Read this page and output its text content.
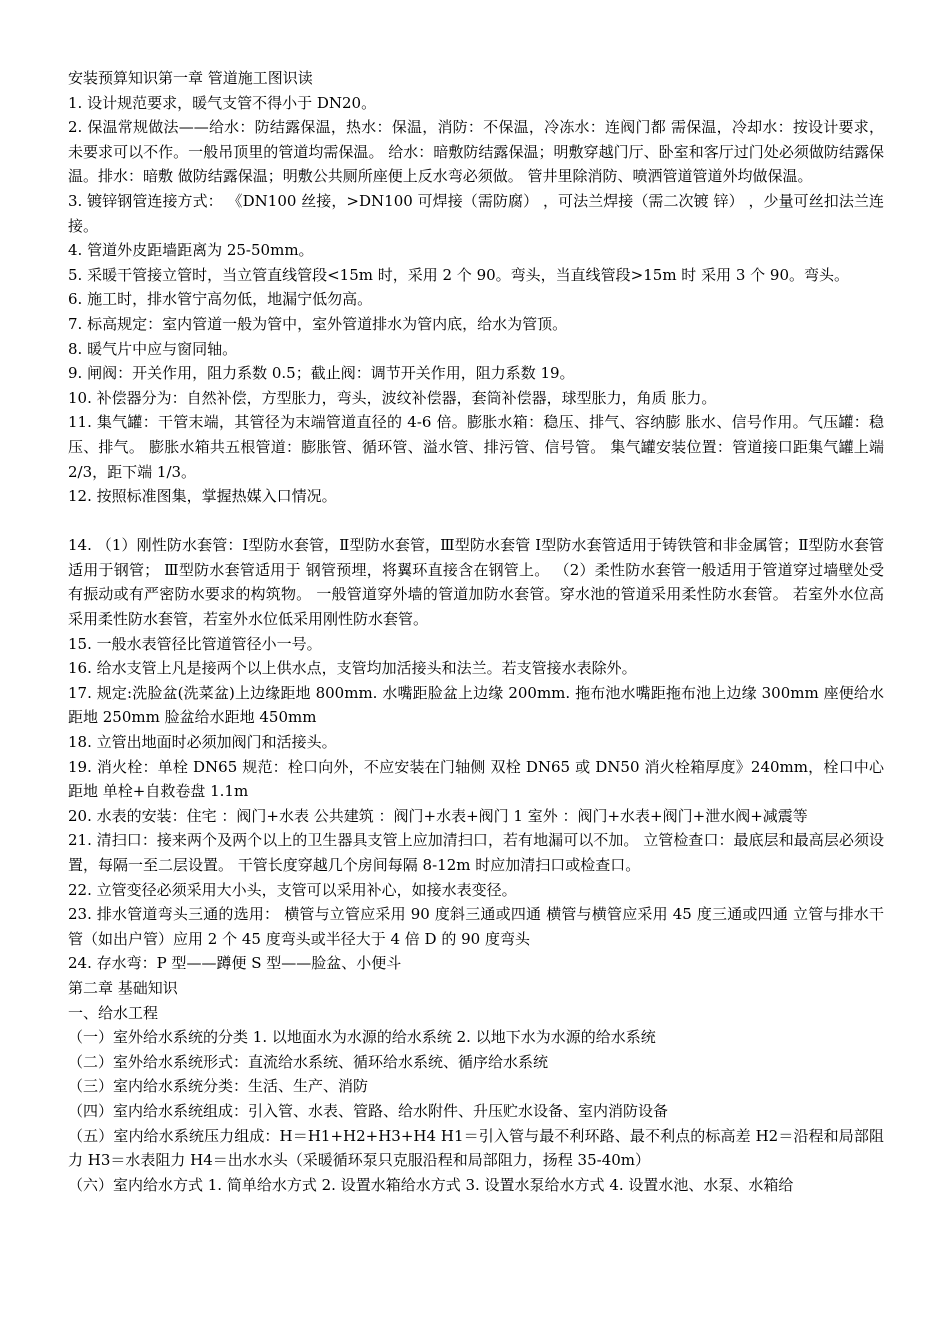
安装预算知识第一章 管道施工图识读

1. 设计规范要求，暖气支管不得小于 DN20。

2. 保温常规做法——给水：防结露保温，热水：保温，消防：不保温，冷冻水：连阀门都 需保温，冷却水：按设计要求，未要求可以不作。一般吊顶里的管道均需保温。 给水：暗敷防结露保温；明敷穿越门厅、卧室和客厅过门处必须做防结露保温。排水：暗敷 做防结露保温；明敷公共厕所座便上反水弯必须做。 管井里除消防、喷洒管道管道外均做保温。

3. 镀锌钢管连接方式： 《DN100 丝接，>DN100 可焊接（需防腐） ，可法兰焊接（需二次镀 锌） ，少量可丝扣法兰连接。

4. 管道外皮距墙距离为 25-50mm。

5. 采暖干管接立管时，当立管直线管段<15m 时，采用 2 个 90。弯头，当直线管段>15m 时 采用 3 个 90。弯头。

6. 施工时，排水管宁高勿低，地漏宁低勿高。

7. 标高规定：室内管道一般为管中，室外管道排水为管内底，给水为管顶。

8. 暖气片中应与窗同轴。

9. 闸阀：开关作用，阻力系数 0.5；截止阀：调节开关作用，阻力系数 19。

10. 补偿器分为：自然补偿，方型胀力，弯头，波纹补偿器，套筒补偿器，球型胀力，角质 胀力。

11. 集气罐：干管末端，其管径为末端管道直径的 4-6 倍。膨胀水箱：稳压、排气、容纳膨 胀水、信号作用。气压罐：稳压、排气。 膨胀水箱共五根管道：膨胀管、循环管、溢水管、排污管、信号管。 集气罐安装位置：管道接口距集气罐上端 2/3，距下端 1/3。

12. 按照标准图集，掌握热媒入口情况。

14. （1）刚性防水套管：Ⅰ型防水套管，Ⅱ型防水套管，Ⅲ型防水套管 Ⅰ型防水套管适用于铸铁管和非金属管；Ⅱ型防水套管适用于钢管； Ⅲ型防水套管适用于 钢管预埋，将翼环直接含在钢管上。 （2）柔性防水套管一般适用于管道穿过墙壁处受有振动或有严密防水要求的构筑物。 一般管道穿外墙的管道加防水套管。穿水池的管道采用柔性防水套管。 若室外水位高采用柔性防水套管，若室外水位低采用刚性防水套管。

15. 一般水表管径比管道管径小一号。

16. 给水支管上凡是接两个以上供水点，支管均加活接头和法兰。若支管接水表除外。

17. 规定:洗脸盆(洗菜盆)上边缘距地 800mm. 水嘴距脸盆上边缘 200mm. 拖布池水嘴距拖布池上边缘 300mm 座便给水距地 250mm 脸盆给水距地 450mm

18. 立管出地面时必须加阀门和活接头。

19. 消火栓：单栓 DN65 规范：栓口向外，不应安装在门轴侧 双栓 DN65 或 DN50 消火栓箱厚度》240mm，栓口中心距地 单栓+自救卷盘 1.1m

20. 水表的安装：住宅 ：阀门+水表 公共建筑 ：阀门+水表+阀门 1 室外 ：阀门+水表+阀门+泄水阀+减震等

21. 清扫口：接来两个及两个以上的卫生器具支管上应加清扫口，若有地漏可以不加。 立管检查口：最底层和最高层必须设置，每隔一至二层设置。 干管长度穿越几个房间每隔 8-12m 时应加清扫口或检查口。

22. 立管变径必须采用大小头，支管可以采用补心，如接水表变径。

23. 排水管道弯头三通的选用： 横管与立管应采用 90 度斜三通或四通 横管与横管应采用 45 度三通或四通 立管与排水干管（如出户管）应用 2 个 45 度弯头或半径大于 4 倍 D 的 90 度弯头

24. 存水弯：P 型——蹲便 S 型——脸盆、小便斗

第二章 基础知识

一、给水工程

（一）室外给水系统的分类 1. 以地面水为水源的给水系统 2. 以地下水为水源的给水系统

（二）室外给水系统形式：直流给水系统、循环给水系统、循序给水系统

（三）室内给水系统分类：生活、生产、消防

（四）室内给水系统组成：引入管、水表、管路、给水附件、升压贮水设备、室内消防设备

（五）室内给水系统压力组成：H＝H1+H2+H3+H4 H1＝引入管与最不利环路、最不利点的标高差 H2＝沿程和局部阻力 H3＝水表阻力 H4＝出水水头（采暖循环泵只克服沿程和局部阻力，扬程 35-40m）

（六）室内给水方式 1. 简单给水方式 2. 设置水箱给水方式 3. 设置水泵给水方式 4. 设置水池、水泵、水箱给
